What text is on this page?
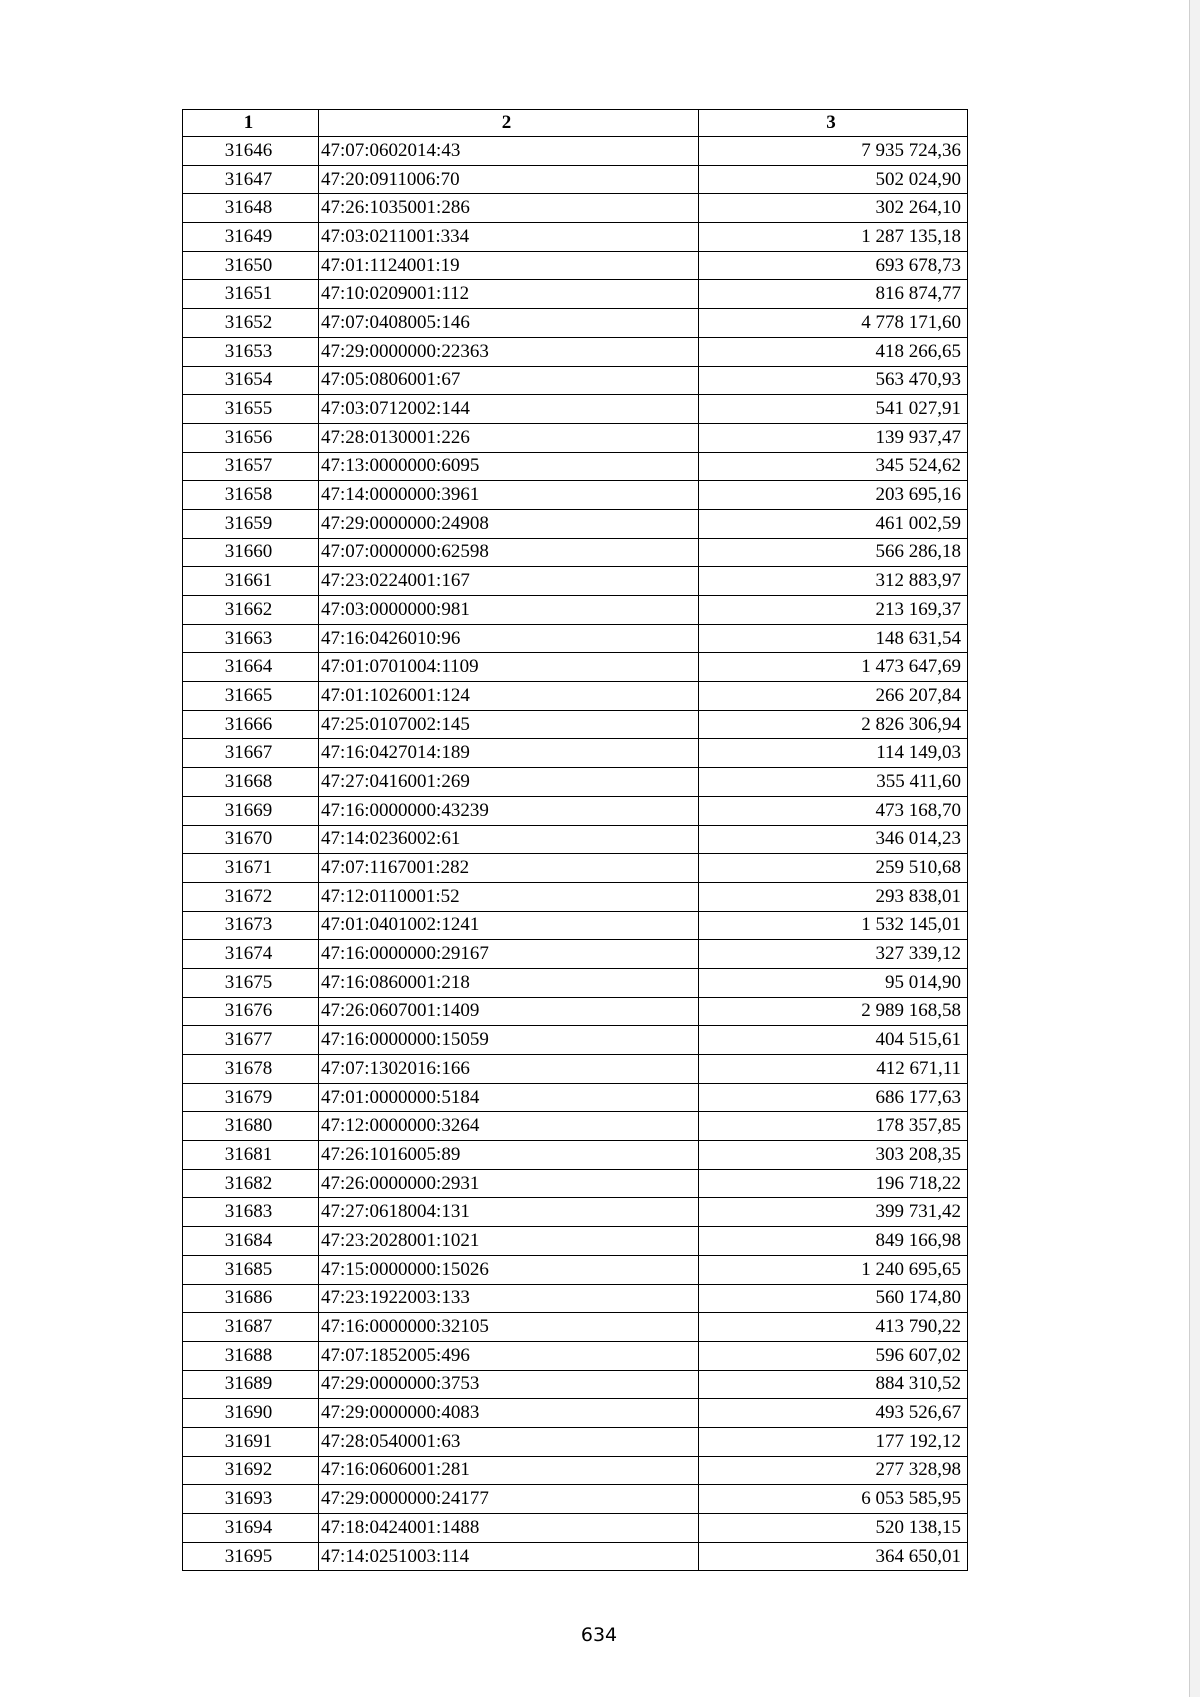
1	2	3
31646	47:07:0602014:43	7 935 724,36
31647	47:20:0911006:70	502 024,90
31648	47:26:1035001:286	302 264,10
31649	47:03:0211001:334	1 287 135,18
31650	47:01:1124001:19	693 678,73
31651	47:10:0209001:112	816 874,77
31652	47:07:0408005:146	4 778 171,60
31653	47:29:0000000:22363	418 266,65
31654	47:05:0806001:67	563 470,93
31655	47:03:0712002:144	541 027,91
31656	47:28:0130001:226	139 937,47
31657	47:13:0000000:6095	345 524,62
31658	47:14:0000000:3961	203 695,16
31659	47:29:0000000:24908	461 002,59
31660	47:07:0000000:62598	566 286,18
31661	47:23:0224001:167	312 883,97
31662	47:03:0000000:981	213 169,37
31663	47:16:0426010:96	148 631,54
31664	47:01:0701004:1109	1 473 647,69
31665	47:01:1026001:124	266 207,84
31666	47:25:0107002:145	2 826 306,94
31667	47:16:0427014:189	114 149,03
31668	47:27:0416001:269	355 411,60
31669	47:16:0000000:43239	473 168,70
31670	47:14:0236002:61	346 014,23
31671	47:07:1167001:282	259 510,68
31672	47:12:0110001:52	293 838,01
31673	47:01:0401002:1241	1 532 145,01
31674	47:16:0000000:29167	327 339,12
31675	47:16:0860001:218	95 014,90
31676	47:26:0607001:1409	2 989 168,58
31677	47:16:0000000:15059	404 515,61
31678	47:07:1302016:166	412 671,11
31679	47:01:0000000:5184	686 177,63
31680	47:12:0000000:3264	178 357,85
31681	47:26:1016005:89	303 208,35
31682	47:26:0000000:2931	196 718,22
31683	47:27:0618004:131	399 731,42
31684	47:23:2028001:1021	849 166,98
31685	47:15:0000000:15026	1 240 695,65
31686	47:23:1922003:133	560 174,80
31687	47:16:0000000:32105	413 790,22
31688	47:07:1852005:496	596 607,02
31689	47:29:0000000:3753	884 310,52
31690	47:29:0000000:4083	493 526,67
31691	47:28:0540001:63	177 192,12
31692	47:16:0606001:281	277 328,98
31693	47:29:0000000:24177	6 053 585,95
31694	47:18:0424001:1488	520 138,15
31695	47:14:0251003:114	364 650,01
634
